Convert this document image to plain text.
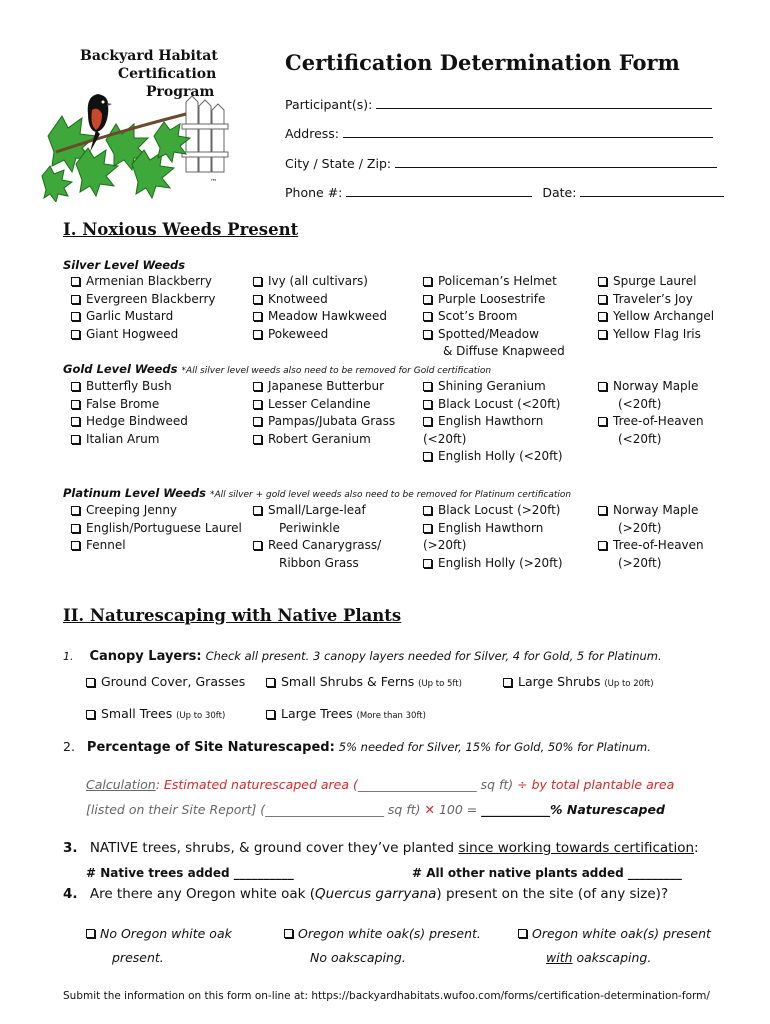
Backyard Habitat
Certification
Program
™
Certification Determination Form
Participant(s):
Address:
City / State / Zip:
Phone #:	Date:
I. Noxious Weeds Present
Silver Level Weeds
Armenian Blackberry
Evergreen Blackberry
Garlic Mustard
Giant Hogweed
Ivy (all cultivars)
Knotweed
Meadow Hawkweed
Pokeweed
Policeman’s Helmet
Purple Loosestrife
Scot’s Broom
Spotted/Meadow
& Diffuse Knapweed
Spurge Laurel
Traveler’s Joy
Yellow Archangel
Yellow Flag Iris
Gold Level Weeds *All silver level weeds also need to be removed for Gold certification
Butterfly Bush
False Brome
Hedge Bindweed
Italian Arum
Japanese Butterbur
Lesser Celandine
Pampas/Jubata Grass
Robert Geranium
Shining Geranium
Black Locust (<20ft)
English Hawthorn
(<20ft)
English Holly (<20ft)
Norway Maple
(<20ft)
Tree-of-Heaven
(<20ft)
Platinum Level Weeds *All silver + gold level weeds also need to be removed for Platinum certification
Creeping Jenny
English/Portuguese Laurel
Fennel
Small/Large-leaf
Periwinkle
Reed Canarygrass/
Ribbon Grass
Black Locust (>20ft)
English Hawthorn
(>20ft)
English Holly (>20ft)
Norway Maple
(>20ft)
Tree-of-Heaven
(>20ft)
II. Naturescaping with Native Plants
1. Canopy Layers: Check all present. 3 canopy layers needed for Silver, 4 for Gold, 5 for Platinum.
Ground Cover, Grasses	Small Shrubs & Ferns (Up to 5ft)	Large Shrubs (Up to 20ft)
Small Trees (Up to 30ft)	Large Trees (More than 30ft)
2. Percentage of Site Naturescaped: 5% needed for Silver, 15% for Gold, 50% for Platinum.
Calculation: Estimated naturescaped area (___________________ sq ft) ÷ by total plantable area
[listed on their Site Report] (___________________ sq ft) ✕ 100 = ___________% Naturescaped
3. NATIVE trees, shrubs, & ground cover they’ve planted since working towards certification:
# Native trees added __________	# All other native plants added _________
4. Are there any Oregon white oak (Quercus garryana) present on the site (of any size)?
No Oregon white oak
present.
Oregon white oak(s) present.
No oakscaping.
Oregon white oak(s) present
with oakscaping.
Submit the information on this form on-line at: https://backyardhabitats.wufoo.com/forms/certification-determination-form/
